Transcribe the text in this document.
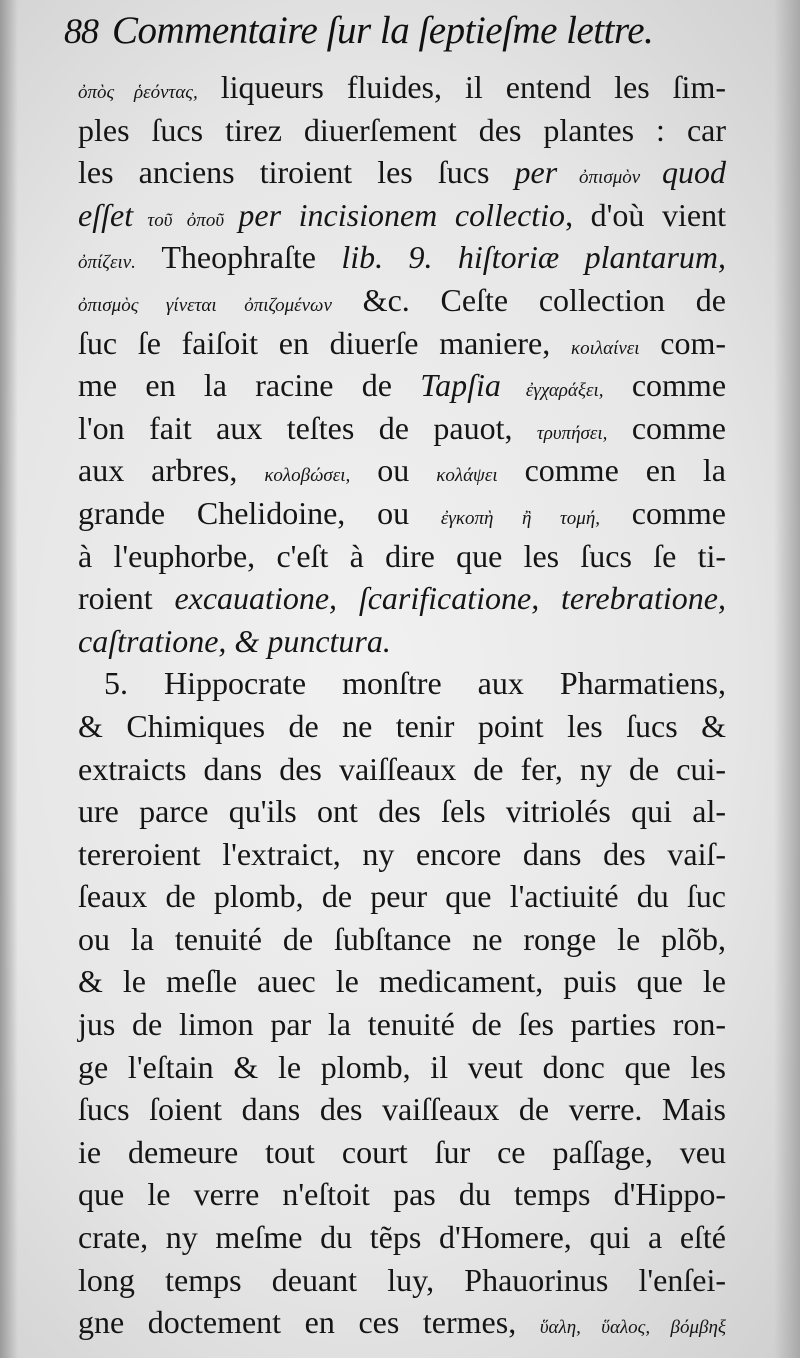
88 Commentaire ſur la ſeptieſme lettre.
ὀπὸς ῥεόντας, liqueurs fluides, il entend les ſim-
ples ſucs tirez diuerſement des plantes : car
les anciens tiroient les ſucs per ὀπισμὸν quod
eſſet τοῦ ὀποῦ per incisionem collectio, d'où vient
ὀπίζειν. Theophraſte lib. 9. hiſtoriæ plantarum,
ὀπισμὸς γίνεται ὀπιζομένων &c. Ceſte collection de
ſuc ſe faiſoit en diuerſe maniere, κοιλαίνει com-
me en la racine de Tapſia ἐγχαράξει, comme
l'on fait aux teſtes de pauot, τρυπήσει, comme
aux arbres, κολοβώσει, ou κολάψει comme en la
grande Chelidoine, ou ἐγκοπὴ ἢ τομή, comme
à l'euphorbe, c'eſt à dire que les ſucs ſe ti-
roient excauatione, ſcarificatione, terebratione,
caſtratione, & punctura.
5. Hippocrate monſtre aux Pharmatiens,
& Chimiques de ne tenir point les ſucs &
extraicts dans des vaiſſeaux de fer, ny de cui-
ure parce qu'ils ont des ſels vitriolés qui al-
tereroient l'extraict, ny encore dans des vaiſ-
ſeaux de plomb, de peur que l'actiuité du ſuc
ou la tenuité de ſubſtance ne ronge le plõb,
& le meſle auec le medicament, puis que le
jus de limon par la tenuité de ſes parties ron-
ge l'eſtain & le plomb, il veut donc que les
ſucs ſoient dans des vaiſſeaux de verre. Mais
ie demeure tout court ſur ce paſſage, veu
que le verre n'eſtoit pas du temps d'Hippo-
crate, ny meſme du tẽps d'Homere, qui a eſté
long temps deuant luy, Phauorinus l'enſei-
gne doctement en ces termes, ὕαλη, ὕαλος, βόμβηξ
